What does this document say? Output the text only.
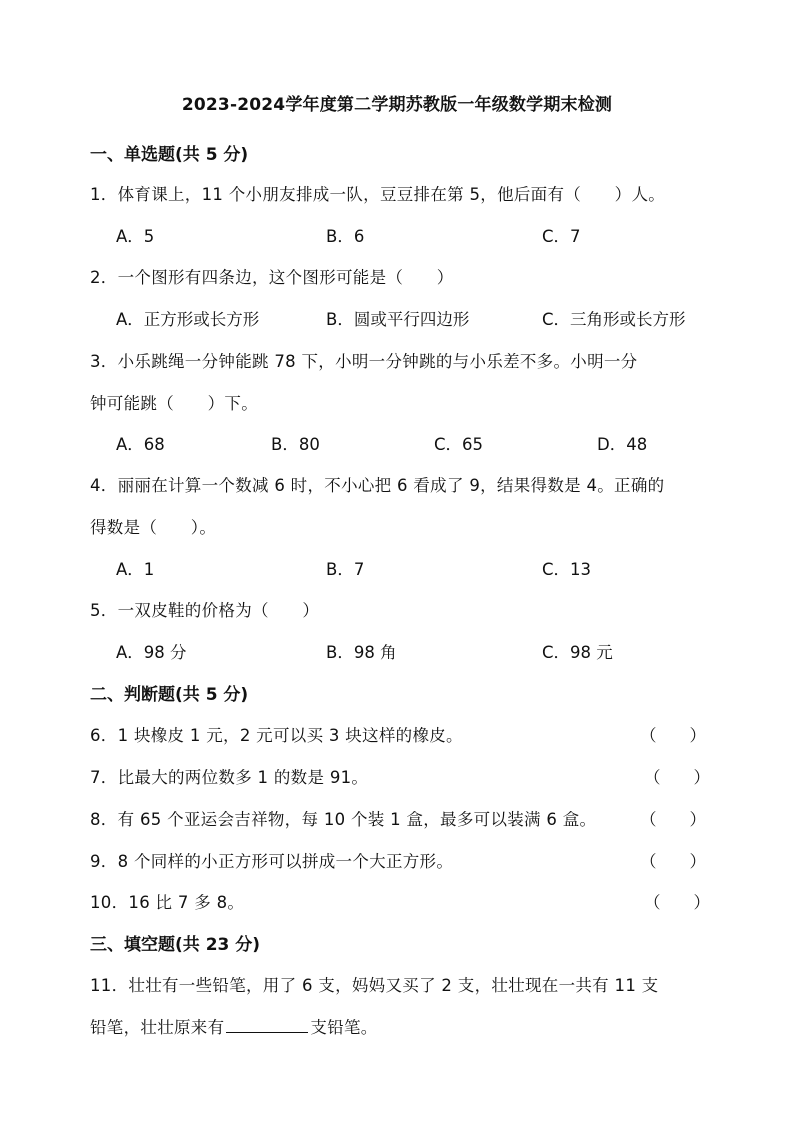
2023-2024学年度第二学期苏教版一年级数学期末检测
一、单选题(共 5 分)
1．体育课上，11 个小朋友排成一队，豆豆排在第 5，他后面有（　　）人。
A．5	B．6	C．7
2．一个图形有四条边，这个图形可能是（　　）
A．正方形或长方形	B．圆或平行四边形	C．三角形或长方形
3．小乐跳绳一分钟能跳 78 下，小明一分钟跳的与小乐差不多。小明一分
钟可能跳（　　）下。
A．68	B．80	C．65	D．48
4．丽丽在计算一个数减 6 时，不小心把 6 看成了 9，结果得数是 4。正确的
得数是（　　）。
A．1	B．7	C．13
5．一双皮鞋的价格为（　　）
A．98 分	B．98 角	C．98 元
二、判断题(共 5 分)
6．1 块橡皮 1 元，2 元可以买 3 块这样的橡皮。	（　　）
7．比最大的两位数多 1 的数是 91。	（　　）
8．有 65 个亚运会吉祥物，每 10 个装 1 盒，最多可以装满 6 盒。	（　　）
9．8 个同样的小正方形可以拼成一个大正方形。	（　　）
10．16 比 7 多 8。	（　　）
三、填空题(共 23 分)
11．壮壮有一些铅笔，用了 6 支，妈妈又买了 2 支，壮壮现在一共有 11 支
铅笔，壮壮原来有	支铅笔。
